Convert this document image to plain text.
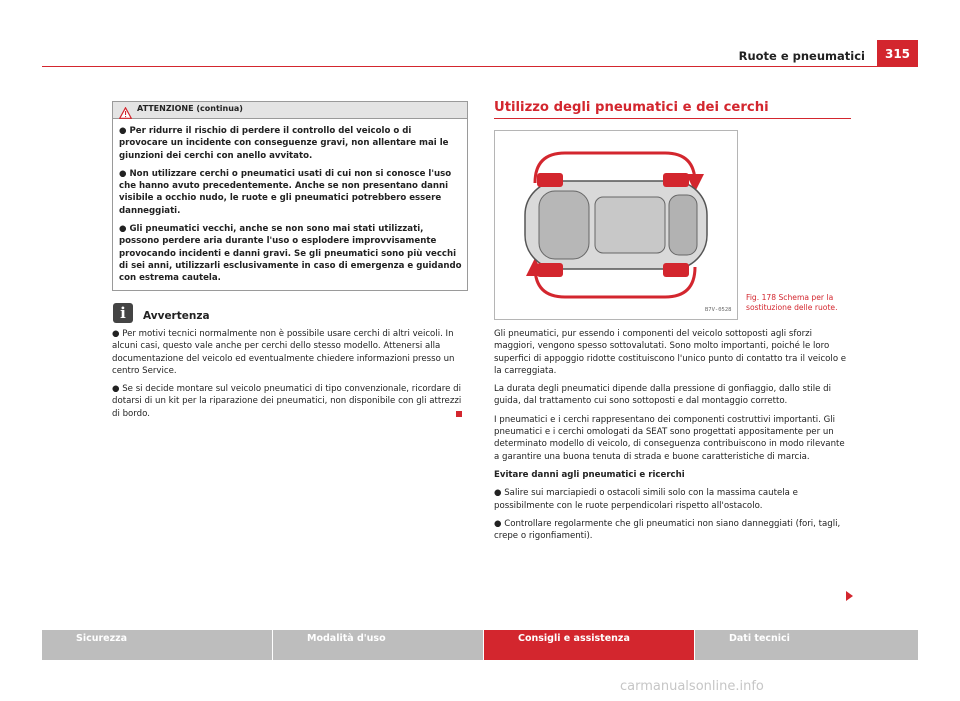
Ruote e pneumatici	315
ATTENZIONE (continua)

● Per ridurre il rischio di perdere il controllo del veicolo o di provocare un incidente con conseguenze gravi, non allentare mai le giunzioni dei cerchi con anello avvitato.

● Non utilizzare cerchi o pneumatici usati di cui non si conosce l'uso che hanno avuto precedentemente. Anche se non presentano danni visibile a occhio nudo, le ruote e gli pneumatici potrebbero essere danneggiati.

● Gli pneumatici vecchi, anche se non sono mai stati utilizzati, possono perdere aria durante l'uso o esplodere improvvisamente provocando incidenti e danni gravi. Se gli pneumatici sono più vecchi di sei anni, utilizzarli esclusivamente in caso di emergenza e guidando con estrema cautela.

i	Avvertenza

● Per motivi tecnici normalmente non è possibile usare cerchi di altri veicoli. In alcuni casi, questo vale anche per cerchi dello stesso modello. Attenersi alla documentazione del veicolo ed eventualmente chiedere informazioni presso un centro Service.

● Se si decide montare sul veicolo pneumatici di tipo convenzionale, ricordare di dotarsi di un kit per la riparazione dei pneumatici, non disponibile con gli attrezzi di bordo.

Utilizzo degli pneumatici e dei cerchi
B7V-0528
Fig. 178 Schema per la sostituzione delle ruote.

Gli pneumatici, pur essendo i componenti del veicolo sottoposti agli sforzi maggiori, vengono spesso sottovalutati. Sono molto importanti, poiché le loro superfici di appoggio ridotte costituiscono l'unico punto di contatto tra il veicolo e la carreggiata.

La durata degli pneumatici dipende dalla pressione di gonfiaggio, dallo stile di guida, dal trattamento cui sono sottoposti e dal montaggio corretto.

I pneumatici e i cerchi rappresentano dei componenti costruttivi importanti. Gli pneumatici e i cerchi omologati da SEAT sono progettati appositamente per un determinato modello di veicolo, di conseguenza contribuiscono in modo rilevante a garantire una buona tenuta di strada e buone caratteristiche di marcia.

Evitare danni agli pneumatici e ricerchi

● Salire sui marciapiedi o ostacoli simili solo con la massima cautela e possibilmente con le ruote perpendicolari rispetto all'ostacolo.

● Controllare regolarmente che gli pneumatici non siano danneggiati (fori, tagli, crepe o rigonfiamenti).

Sicurezza	Modalità d'uso	Consigli e assistenza	Dati tecnici
carmanualsonline.info
